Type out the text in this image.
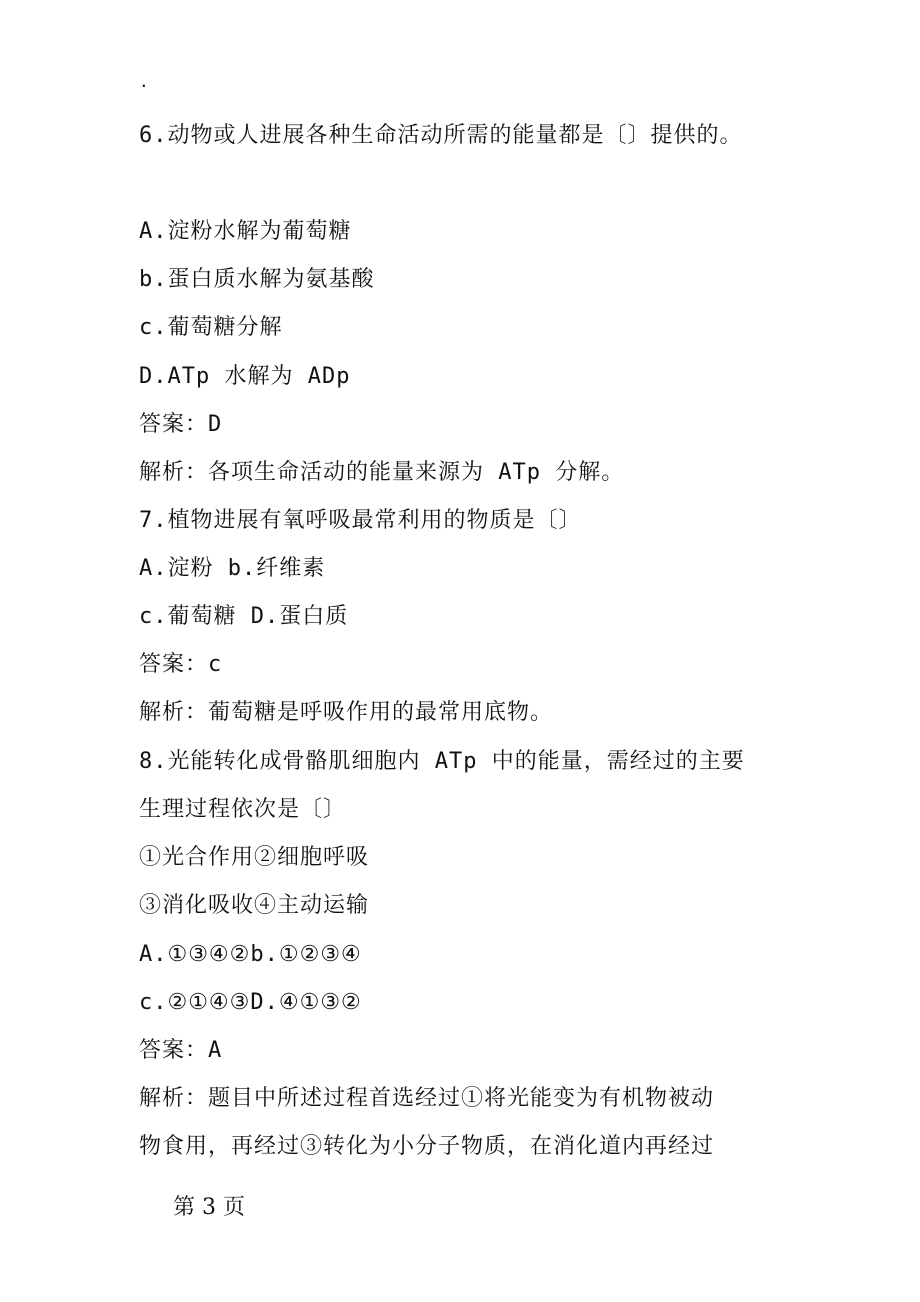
.
6.动物或人进展各种生命活动所需的能量都是〔〕提供的。
A.淀粉水解为葡萄糖
b.蛋白质水解为氨基酸
c.葡萄糖分解
D.ATp 水解为 ADp
答案：D
解析：各项生命活动的能量来源为 ATp 分解。
7.植物进展有氧呼吸最常利用的物质是〔〕
A.淀粉 b.纤维素
c.葡萄糖 D.蛋白质
答案：c
解析：葡萄糖是呼吸作用的最常用底物。
8.光能转化成骨骼肌细胞内 ATp 中的能量，需经过的主要
生理过程依次是〔〕
①光合作用②细胞呼吸
③消化吸收④主动运输
A.①③④②b.①②③④
c.②①④③D.④①③②
答案：A
解析：题目中所述过程首选经过①将光能变为有机物被动
物食用，再经过③转化为小分子物质，在消化道内再经过
第 3 页
